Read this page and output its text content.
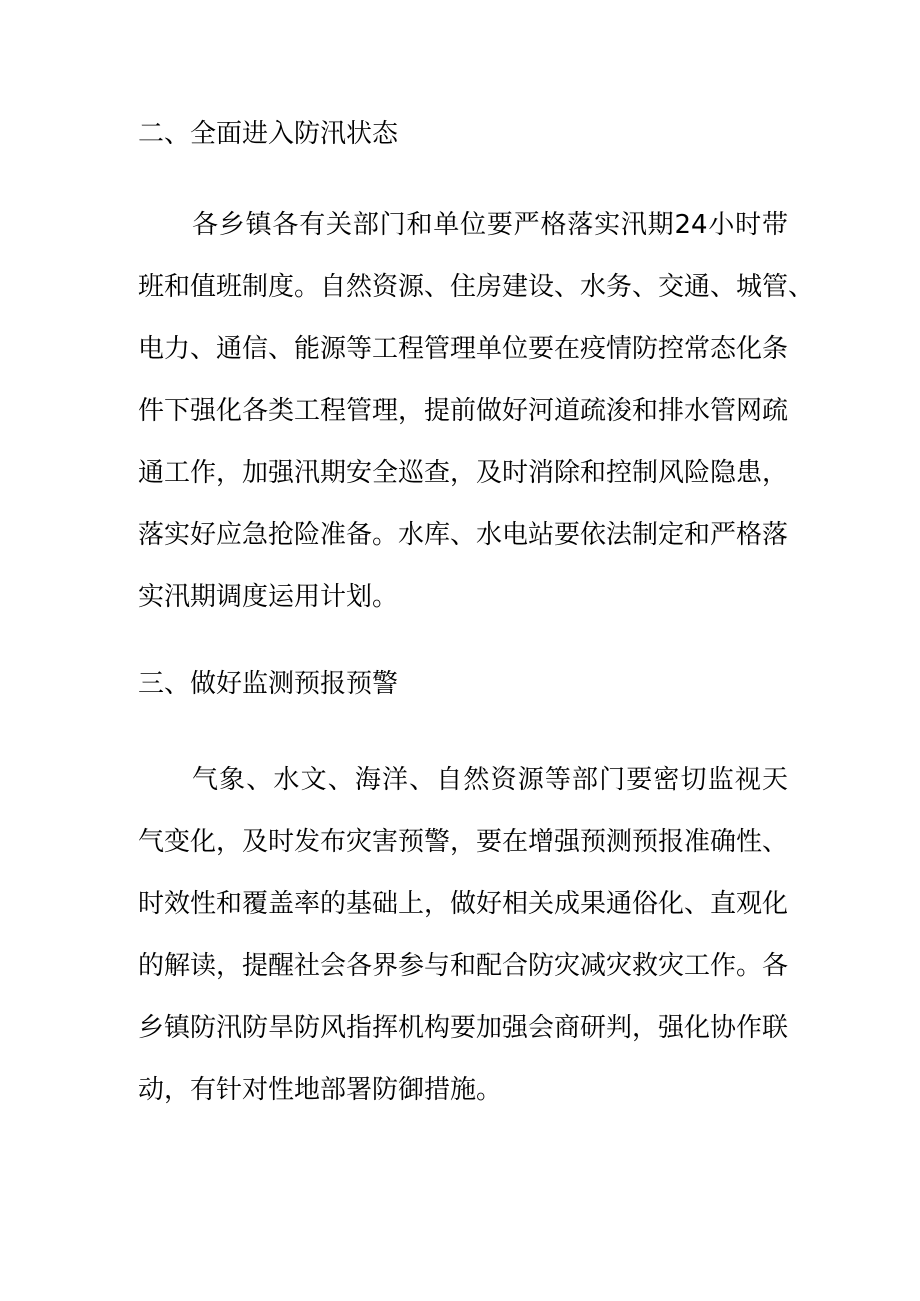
二、全面进入防汛状态
各乡镇各有关部门和单位要严格落实汛期24小时带
班和值班制度。自然资源、住房建设、水务、交通、城管、
电力、通信、能源等工程管理单位要在疫情防控常态化条
件下强化各类工程管理，提前做好河道疏浚和排水管网疏
通工作，加强汛期安全巡查，及时消除和控制风险隐患，
落实好应急抢险准备。水库、水电站要依法制定和严格落
实汛期调度运用计划。
三、做好监测预报预警
气象、水文、海洋、自然资源等部门要密切监视天
气变化，及时发布灾害预警，要在增强预测预报准确性、
时效性和覆盖率的基础上，做好相关成果通俗化、直观化
的解读，提醒社会各界参与和配合防灾减灾救灾工作。各
乡镇防汛防旱防风指挥机构要加强会商研判，强化协作联
动，有针对性地部署防御措施。
